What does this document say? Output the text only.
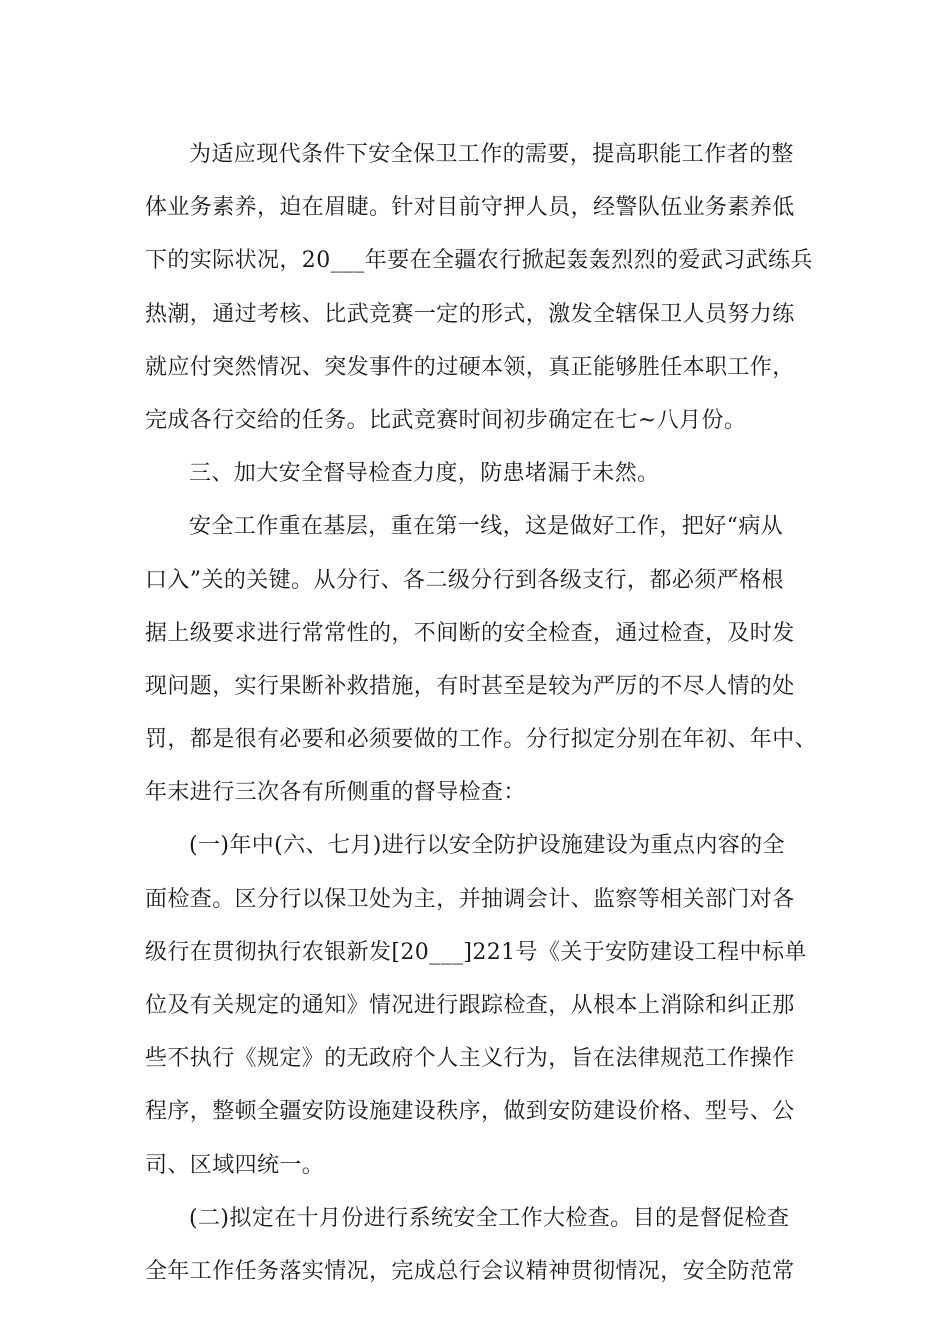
为适应现代条件下安全保卫工作的需要，提高职能工作者的整
体业务素养，迫在眉睫。针对目前守押人员，经警队伍业务素养低
下的实际状况，20___年要在全疆农行掀起轰轰烈烈的爱武习武练兵
热潮，通过考核、比武竞赛一定的形式，激发全辖保卫人员努力练
就应付突然情况、突发事件的过硬本领，真正能够胜任本职工作，
完成各行交给的任务。比武竞赛时间初步确定在七~八月份。
三、加大安全督导检查力度，防患堵漏于未然。
安全工作重在基层，重在第一线，这是做好工作，把好“病从
口入”关的关键。从分行、各二级分行到各级支行，都必须严格根
据上级要求进行常常性的，不间断的安全检查，通过检查，及时发
现问题，实行果断补救措施，有时甚至是较为严厉的不尽人情的处
罚，都是很有必要和必须要做的工作。分行拟定分别在年初、年中、
年末进行三次各有所侧重的督导检查：
(一)年中(六、七月)进行以安全防护设施建设为重点内容的全
面检查。区分行以保卫处为主，并抽调会计、监察等相关部门对各
级行在贯彻执行农银新发[20___]221号《关于安防建设工程中标单
位及有关规定的通知》情况进行跟踪检查，从根本上消除和纠正那
些不执行《规定》的无政府个人主义行为，旨在法律规范工作操作
程序，整顿全疆安防设施建设秩序，做到安防建设价格、型号、公
司、区域四统一。
(二)拟定在十月份进行系统安全工作大检查。目的是督促检查
全年工作任务落实情况，完成总行会议精神贯彻情况，安全防范常
